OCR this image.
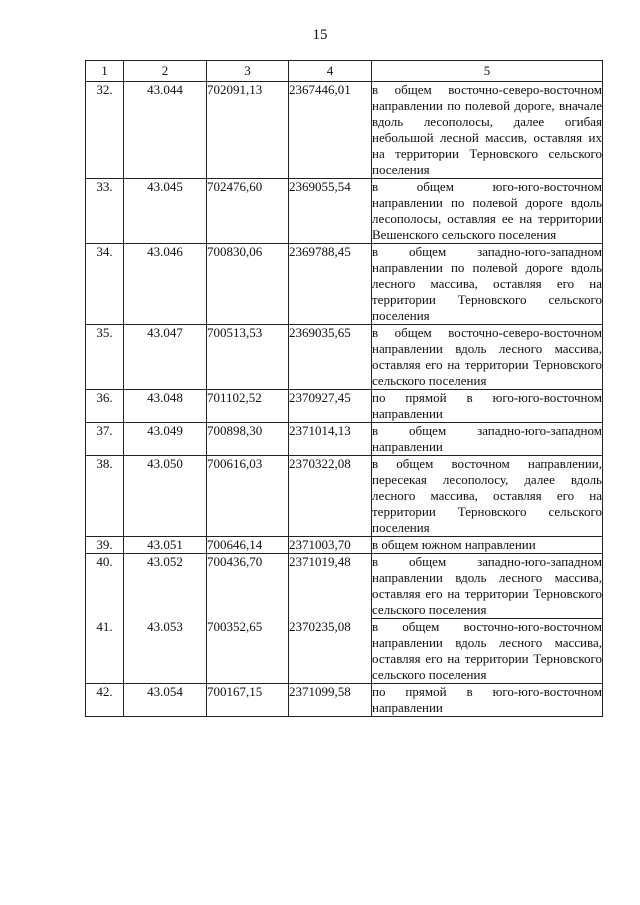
15
1	2	3	4	5
32.	43.044	702091,13	2367446,01	в общем восточно-северо-восточном направлении по полевой дороге, вначале вдоль лесополосы, далее огибая небольшой лесной массив, оставляя их на территории Терновского сельского поселения
33.	43.045	702476,60	2369055,54	в общем юго-юго-восточном направлении по полевой дороге вдоль лесополосы, оставляя ее на территории Вешенского сельского поселения
34.	43.046	700830,06	2369788,45	в общем западно-юго-западном направлении по полевой дороге вдоль лесного массива, оставляя его на территории Терновского сельского поселения
35.	43.047	700513,53	2369035,65	в общем восточно-северо-восточном направлении вдоль лесного массива, оставляя его на территории Терновского сельского поселения
36.	43.048	701102,52	2370927,45	по прямой в юго-юго-восточном направлении
37.	43.049	700898,30	2371014,13	в общем западно-юго-западном направлении
38.	43.050	700616,03	2370322,08	в общем восточном направлении, пересекая лесополосу, далее вдоль лесного массива, оставляя его на территории Терновского сельского поселения
39.	43.051	700646,14	2371003,70	в общем южном направлении
40.	43.052	700436,70	2371019,48	в общем западно-юго-западном направлении вдоль лесного массива, оставляя его на территории Терновского сельского поселения
41.	43.053	700352,65	2370235,08	в общем восточно-юго-восточном направлении вдоль лесного массива, оставляя его на территории Терновского сельского поселения
42.	43.054	700167,15	2371099,58	по прямой в юго-юго-восточном направлении
